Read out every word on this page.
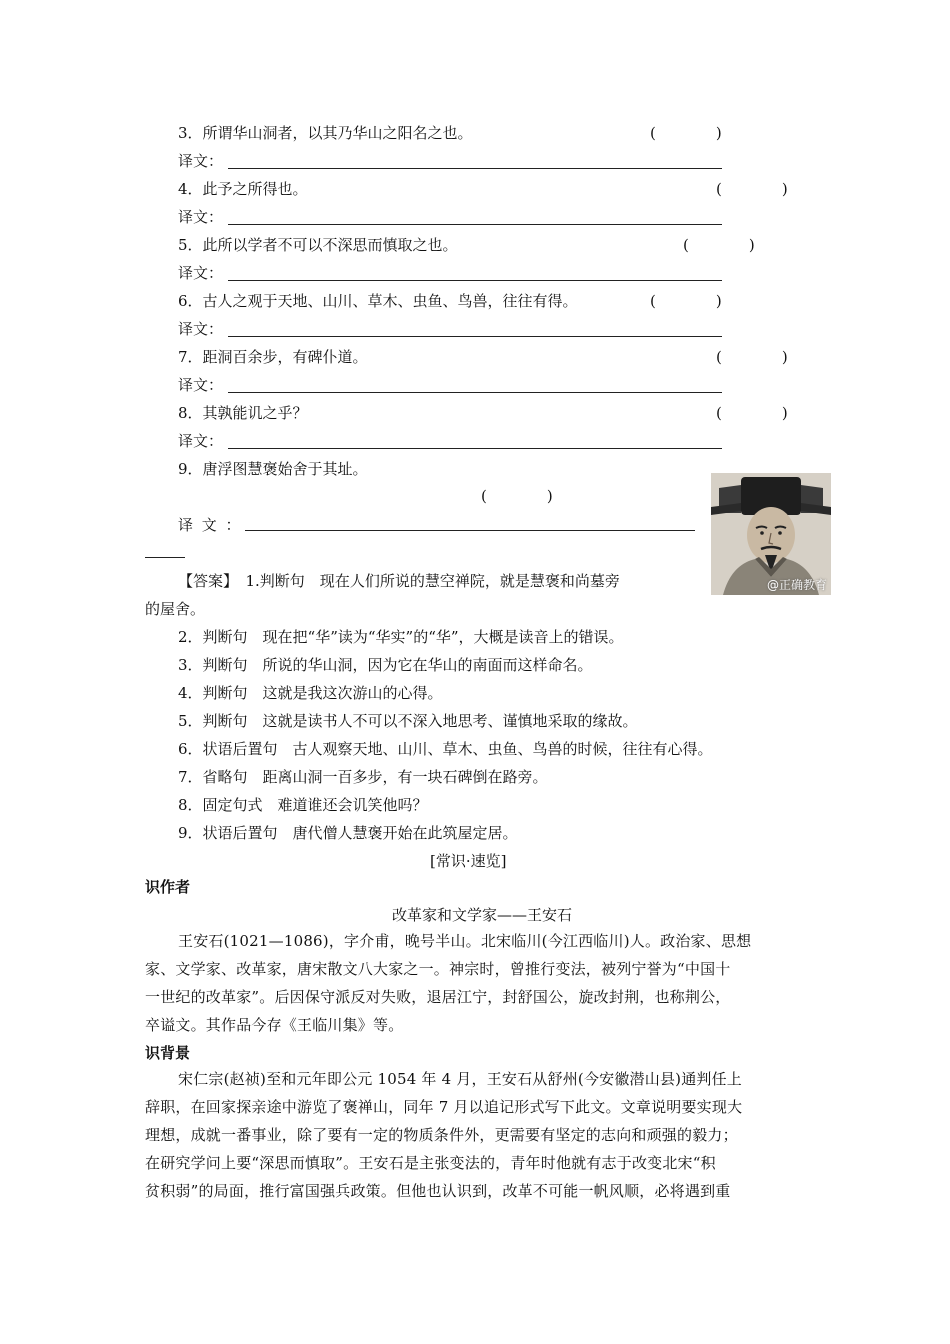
3．所谓华山洞者，以其乃华山之阳名之也。	(　　　　)
译文：
4．此予之所得也。	(　　　　)
译文：
5．此所以学者不可以不深思而慎取之也。	(　　　　)
译文：
6．古人之观于天地、山川、草木、虫鱼、鸟兽，往往有得。	(　　　　)
译文：
7．距洞百余步，有碑仆道。	(　　　　)
译文：
8．其孰能讥之乎？	(　　　　)
译文：
9．唐浮图慧褒始舍于其址。
(　　　　)
译 文 ：
@正确教育
【答案】　1.判断句　现在人们所说的慧空禅院，就是慧褒和尚墓旁
的屋舍。
2．判断句　现在把“华”读为“华实”的“华”，大概是读音上的错误。
3．判断句　所说的华山洞，因为它在华山的南面而这样命名。
4．判断句　这就是我这次游山的心得。
5．判断句　这就是读书人不可以不深入地思考、谨慎地采取的缘故。
6．状语后置句　古人观察天地、山川、草木、虫鱼、鸟兽的时候，往往有心得。
7．省略句　距离山洞一百多步，有一块石碑倒在路旁。
8．固定句式　难道谁还会讥笑他吗？
9．状语后置句　唐代僧人慧褒开始在此筑屋定居。
[常识·速览]
识作者
改革家和文学家——王安石
王安石(1021—1086)，字介甫，晚号半山。北宋临川(今江西临川)人。政治家、思想
家、文学家、改革家，唐宋散文八大家之一。神宗时，曾推行变法，被列宁誉为“中国十
一世纪的改革家”。后因保守派反对失败，退居江宁，封舒国公，旋改封荆，也称荆公，
卒谥文。其作品今存《王临川集》等。
识背景
宋仁宗(赵祯)至和元年即公元 1054 年 4 月，王安石从舒州(今安徽潜山县)通判任上
辞职，在回家探亲途中游览了褒禅山，同年 7 月以追记形式写下此文。文章说明要实现大
理想，成就一番事业，除了要有一定的物质条件外，更需要有坚定的志向和顽强的毅力；
在研究学问上要“深思而慎取”。王安石是主张变法的，青年时他就有志于改变北宋“积
贫积弱”的局面，推行富国强兵政策。但他也认识到，改革不可能一帆风顺，必将遇到重
